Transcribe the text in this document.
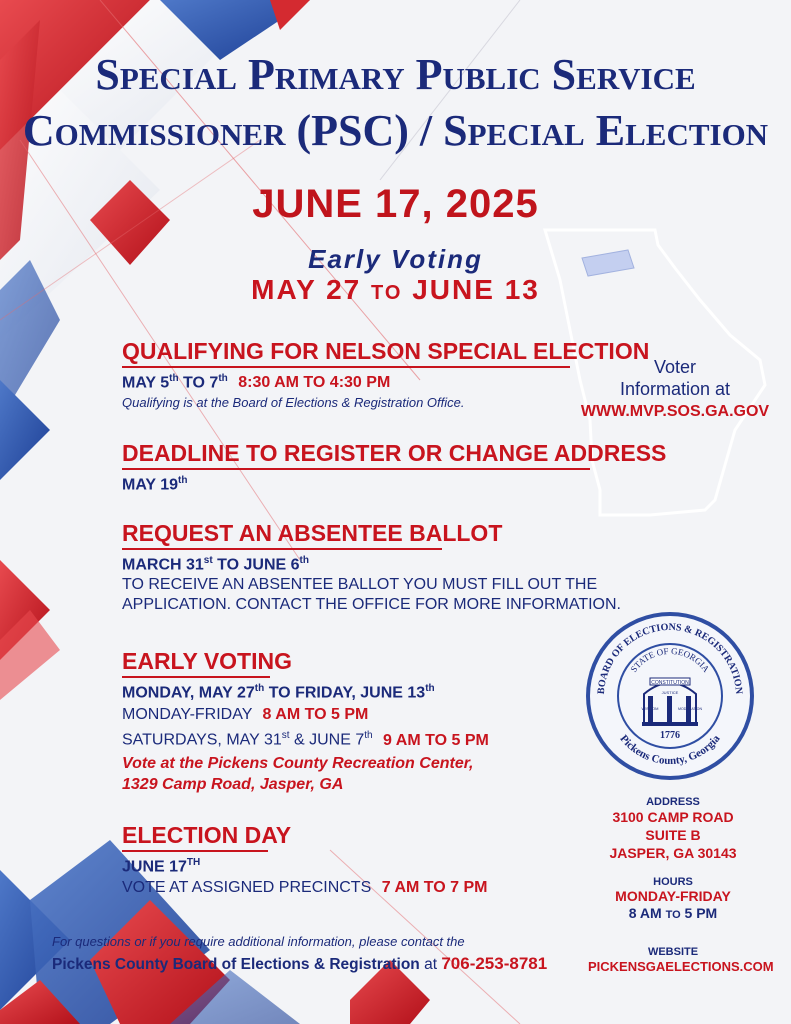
Special Primary Public Service
Commissioner (PSC) / Special Election
JUNE 17, 2025
Early Voting
MAY 27 TO JUNE 13
Voter
Information at
WWW.MVP.SOS.GA.GOV
QUALIFYING FOR NELSON SPECIAL ELECTION
MAY 5th TO 7th 8:30 AM TO 4:30 PM
Qualifying is at the Board of Elections & Registration Office.
DEADLINE TO REGISTER OR CHANGE ADDRESS
MAY 19th
REQUEST AN ABSENTEE BALLOT
MARCH 31st TO JUNE 6th
TO RECEIVE AN ABSENTEE BALLOT YOU MUST FILL OUT THE
APPLICATION. CONTACT THE OFFICE FOR MORE INFORMATION.
EARLY VOTING
MONDAY, MAY 27th TO FRIDAY, JUNE 13th
MONDAY-FRIDAY 8 AM TO 5 PM
SATURDAYS, MAY 31st & JUNE 7th 9 AM TO 5 PM
Vote at the Pickens County Recreation Center,
1329 Camp Road, Jasper, GA
ELECTION DAY
JUNE 17TH
VOTE AT ASSIGNED PRECINCTS 7 AM TO 7 PM
For questions or if you require additional information, please contact the
Pickens County Board of Elections & Registration at 706-253-8781
BOARD OF ELECTIONS & REGISTRATION
Pickens County, Georgia
STATE OF GEORGIA
CONSTITUTION
WISDOM
JUSTICE
MODERATION
1776
ADDRESS
3100 CAMP ROAD
SUITE B
JASPER, GA 30143
HOURS
MONDAY-FRIDAY
8 AM TO 5 PM
WEBSITE
PICKENSGAELECTIONS.COM
